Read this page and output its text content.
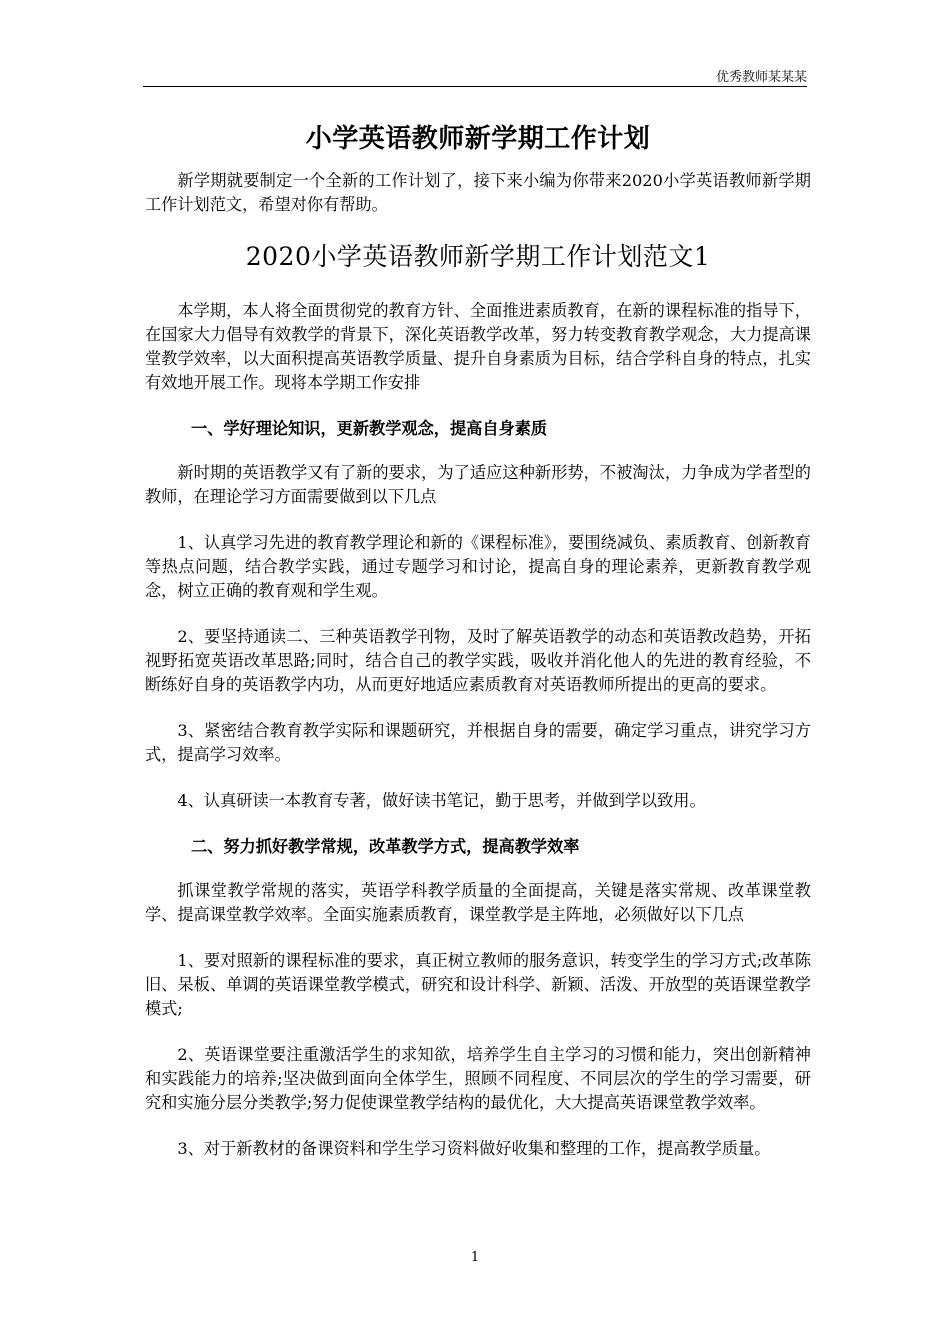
优秀教师某某某
小学英语教师新学期工作计划

新学期就要制定一个全新的工作计划了，接下来小编为你带来2020小学英语教师新学期工作计划范文，希望对你有帮助。

2020小学英语教师新学期工作计划范文1

本学期，本人将全面贯彻党的教育方针、全面推进素质教育，在新的课程标准的指导下，在国家大力倡导有效教学的背景下，深化英语教学改革，努力转变教育教学观念，大力提高课堂教学效率，以大面积提高英语教学质量、提升自身素质为目标，结合学科自身的特点，扎实有效地开展工作。现将本学期工作安排

一、学好理论知识，更新教学观念，提高自身素质

新时期的英语教学又有了新的要求，为了适应这种新形势，不被淘汰，力争成为学者型的教师，在理论学习方面需要做到以下几点

1、认真学习先进的教育教学理论和新的《课程标准》，要围绕减负、素质教育、创新教育等热点问题，结合教学实践，通过专题学习和讨论，提高自身的理论素养，更新教育教学观念，树立正确的教育观和学生观。

2、要坚持通读二、三种英语教学刊物，及时了解英语教学的动态和英语教改趋势，开拓视野拓宽英语改革思路;同时，结合自己的教学实践，吸收并消化他人的先进的教育经验，不断练好自身的英语教学内功，从而更好地适应素质教育对英语教师所提出的更高的要求。

3、紧密结合教育教学实际和课题研究，并根据自身的需要，确定学习重点，讲究学习方式，提高学习效率。

4、认真研读一本教育专著，做好读书笔记，勤于思考，并做到学以致用。

二、努力抓好教学常规，改革教学方式，提高教学效率

抓课堂教学常规的落实，英语学科教学质量的全面提高，关键是落实常规、改革课堂教学、提高课堂教学效率。全面实施素质教育，课堂教学是主阵地，必须做好以下几点

1、要对照新的课程标准的要求，真正树立教师的服务意识，转变学生的学习方式;改革陈旧、呆板、单调的英语课堂教学模式，研究和设计科学、新颖、活泼、开放型的英语课堂教学模式;

2、英语课堂要注重激活学生的求知欲，培养学生自主学习的习惯和能力，突出创新精神和实践能力的培养;坚决做到面向全体学生，照顾不同程度、不同层次的学生的学习需要，研究和实施分层分类教学;努力促使课堂教学结构的最优化，大大提高英语课堂教学效率。

3、对于新教材的备课资料和学生学习资料做好收集和整理的工作，提高教学质量。

1
